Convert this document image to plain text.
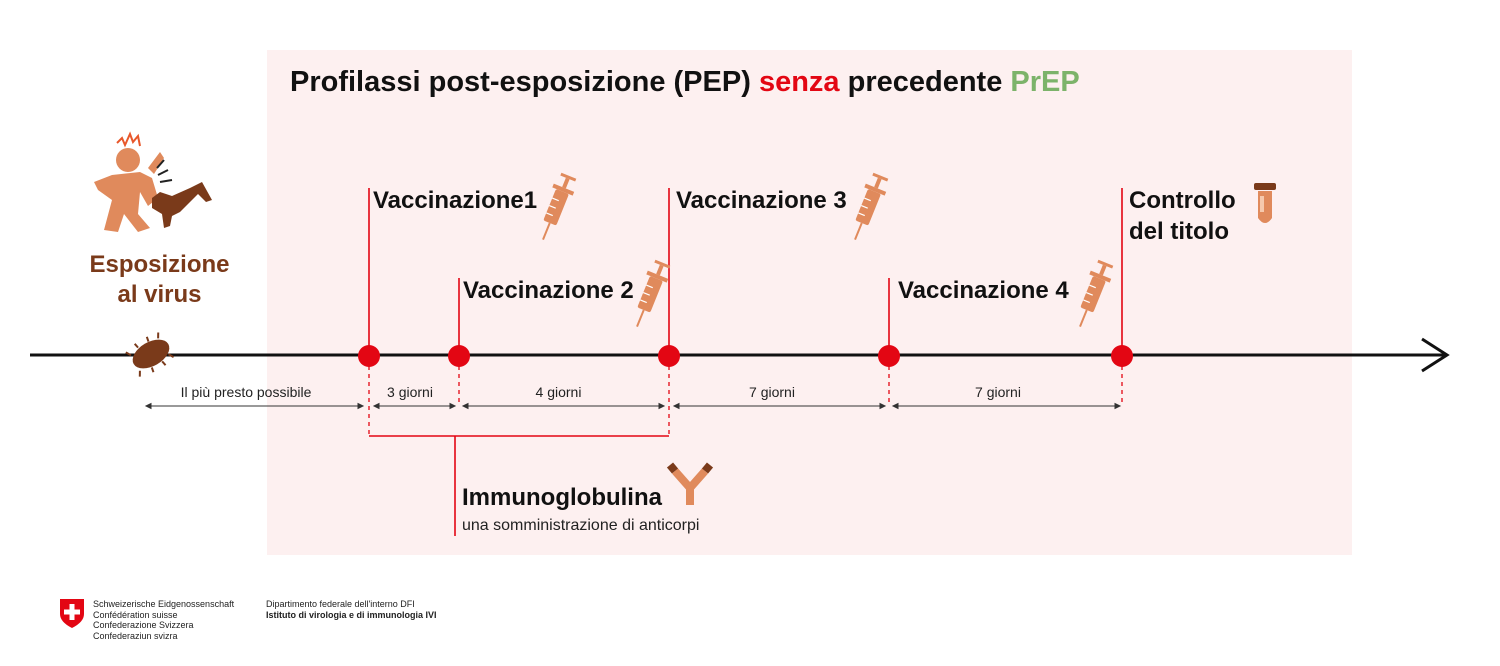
Profilassi post-esposizione (PEP) senza precedente PrEP
Esposizione
al virus
Vaccinazione1
Vaccinazione 2
Vaccinazione 3
Vaccinazione 4
Controllo
del titolo
Il più presto possibile	3 giorni	4 giorni	7 giorni	7 giorni
Immunoglobulina
una somministrazione di anticorpi
Schweizerische Eidgenossenschaft
Confédération suisse
Confederazione Svizzera
Confederaziun svizra
Dipartimento federale dell'interno DFI
Istituto di virologia e di immunologia IVI
